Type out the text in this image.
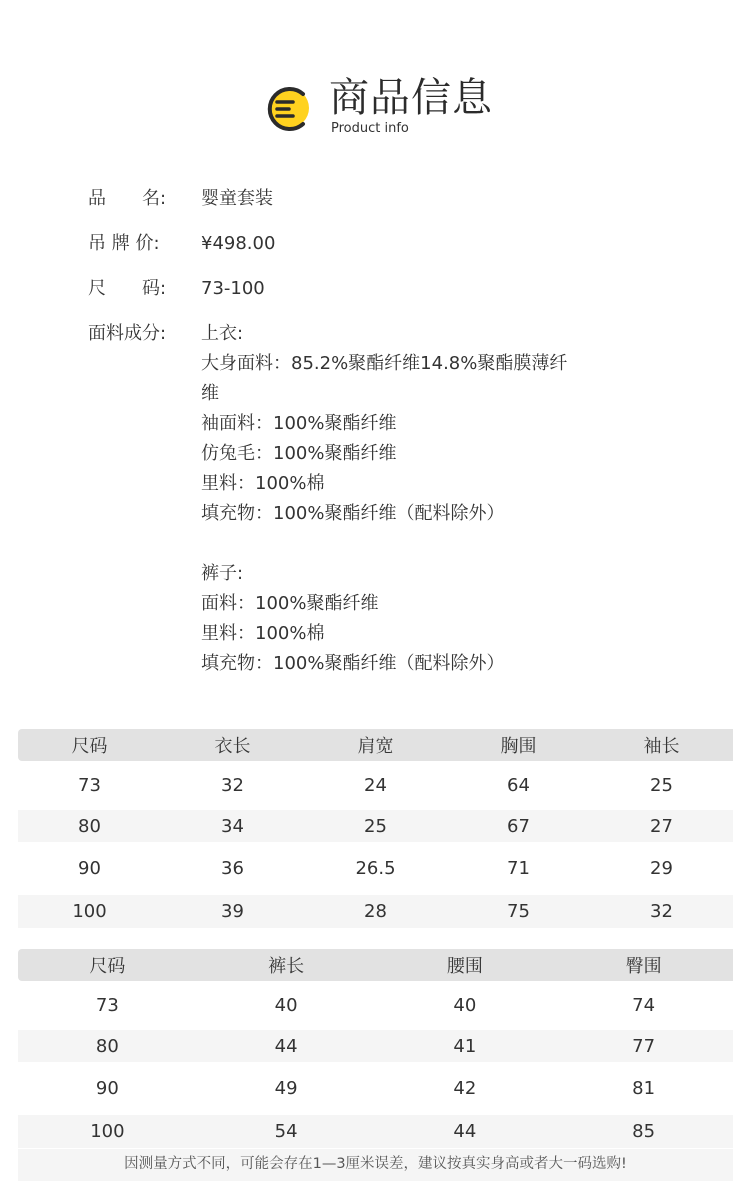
商品信息
Product info
品　　名:	婴童套装
吊 牌 价:	¥498.00
尺　　码:	73-100
面料成分:	上衣:
大身面料：85.2%聚酯纤维14.8%聚酯膜薄纤
维
袖面料：100%聚酯纤维
仿兔毛：100%聚酯纤维
里料：100%棉
填充物：100%聚酯纤维（配料除外）
裤子:
面料：100%聚酯纤维
里料：100%棉
填充物：100%聚酯纤维（配料除外）
尺码	衣长	肩宽	胸围	袖长
73	32	24	64	25
80	34	25	67	27
90	36	26.5	71	29
100	39	28	75	32
尺码	裤长	腰围	臀围
73	40	40	74
80	44	41	77
90	49	42	81
100	54	44	85
因测量方式不同，可能会存在1—3厘米误差，建议按真实身高或者大一码选购!
